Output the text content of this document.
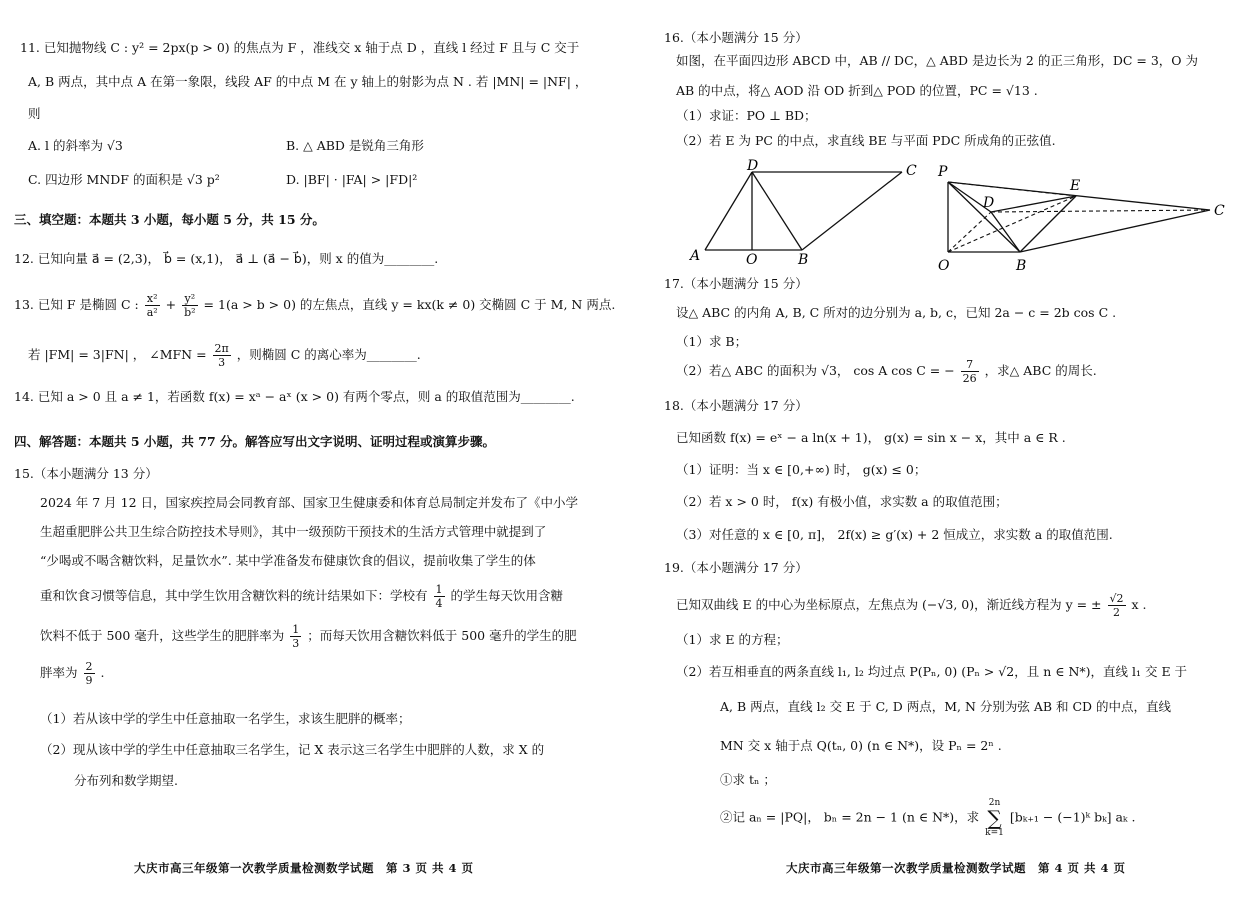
11. 已知抛物线 C : y² = 2px(p > 0) 的焦点为 F ，准线交 x 轴于点 D ，直线 l 经过 F 且与 C 交于
A, B 两点，其中点 A 在第一象限，线段 AF 的中点 M 在 y 轴上的射影为点 N . 若 |MN| = |NF| ，
则
A. l 的斜率为 √3	B. △ ABD 是锐角三角形
C. 四边形 MNDF 的面积是 √3 p²	D. |BF| · |FA| > |FD|²
三、填空题：本题共 3 小题，每小题 5 分，共 15 分。
12. 已知向量 a⃗ = (2,3)， b⃗ = (x,1)， a⃗ ⊥ (a⃗ − b⃗)，则 x 的值为________.
13. 已知 F 是椭圆 C : $\frac{\text{x²}}{\text{a²}} + \frac{\text{y²}}{\text{b²}} = 1(a > b > 0)$ 的左焦点，直线 y = kx(k ≠ 0) 交椭圆 C 于 M, N 两点.
若 |FM| = 3|FN| ， ∠MFN = $\frac{2\pi}{3}$ ，则椭圆 C 的离心率为________.
14. 已知 a > 0 且 a ≠ 1，若函数 f(x) = xᵃ − aˣ (x > 0) 有两个零点，则 a 的取值范围为________.
四、解答题：本题共 5 小题，共 77 分。解答应写出文字说明、证明过程或演算步骤。
15.（本小题满分 13 分）
2024 年 7 月 12 日，国家疾控局会同教育部、国家卫生健康委和体育总局制定并发布了《中小学
生超重肥胖公共卫生综合防控技术导则》，其中一级预防干预技术的生活方式管理中就提到了
“少喝或不喝含糖饮料，足量饮水”. 某中学准备发布健康饮食的倡议，提前收集了学生的体
重和饮食习惯等信息，其中学生饮用含糖饮料的统计结果如下：学校有 $\frac{1}{4}$ 的学生每天饮用含糖
饮料不低于 500 毫升，这些学生的肥胖率为 $\frac{1}{3}$ ；而每天饮用含糖饮料低于 500 毫升的学生的肥
胖率为 $\frac{2}{9}$ .
（1）若从该中学的学生中任意抽取一名学生，求该生肥胖的概率；
（2）现从该中学的学生中任意抽取三名学生，记 X 表示这三名学生中肥胖的人数，求 X 的
分布列和数学期望.
大庆市高三年级第一次教学质量检测数学试题　第 3 页 共 4 页
16.（本小题满分 15 分）
如图，在平面四边形 ABCD 中，AB // DC，△ ABD 是边长为 2 的正三角形，DC = 3，O 为
AB 的中点，将△ AOD 沿 OD 折到△ POD 的位置，PC = √13 .
（1）求证：PO ⊥ BD；
（2）若 E 为 PC 的中点，求直线 BE 与平面 PDC 所成角的正弦值.
D	C
A	O	B
P
E
D	C
O	B
17.（本小题满分 15 分）
设△ ABC 的内角 A, B, C 所对的边分别为 a, b, c，已知 2a − c = 2b cos C .
（1）求 B；
（2）若△ ABC 的面积为 √3， cos A cos C = − $\frac{7}{26}$ ，求△ ABC 的周长.
18.（本小题满分 17 分）
已知函数 f(x) = eˣ − a ln(x + 1)， g(x) = sin x − x，其中 a ∈ R .
（1）证明：当 x ∈ [0,+∞) 时， g(x) ≤ 0；
（2）若 x > 0 时， f(x) 有极小值，求实数 a 的取值范围；
（3）对任意的 x ∈ [0, π]， 2f(x) ≥ g′(x) + 2 恒成立，求实数 a 的取值范围.
19.（本小题满分 17 分）
已知双曲线 E 的中心为坐标原点，左焦点为 (−√3, 0)，渐近线方程为 y = ± $\frac{√2}{2}$ x .
（1）求 E 的方程；
（2）若互相垂直的两条直线 l₁, l₂ 均过点 P(Pₙ, 0) (Pₙ > √2，且 n ∈ N*)，直线 l₁ 交 E 于
A, B 两点，直线 l₂ 交 E 于 C, D 两点，M, N 分别为弦 AB 和 CD 的中点，直线
MN 交 x 轴于点 Q(tₙ, 0) (n ∈ N*)，设 Pₙ = 2ⁿ .
①求 tₙ ；
②记 aₙ = |PQ|， bₙ = 2n − 1 (n ∈ N*)，求
2n
∑
k=1
[bₖ₊₁ − (−1)ᵏ bₖ] aₖ .
大庆市高三年级第一次教学质量检测数学试题　第 4 页 共 4 页
